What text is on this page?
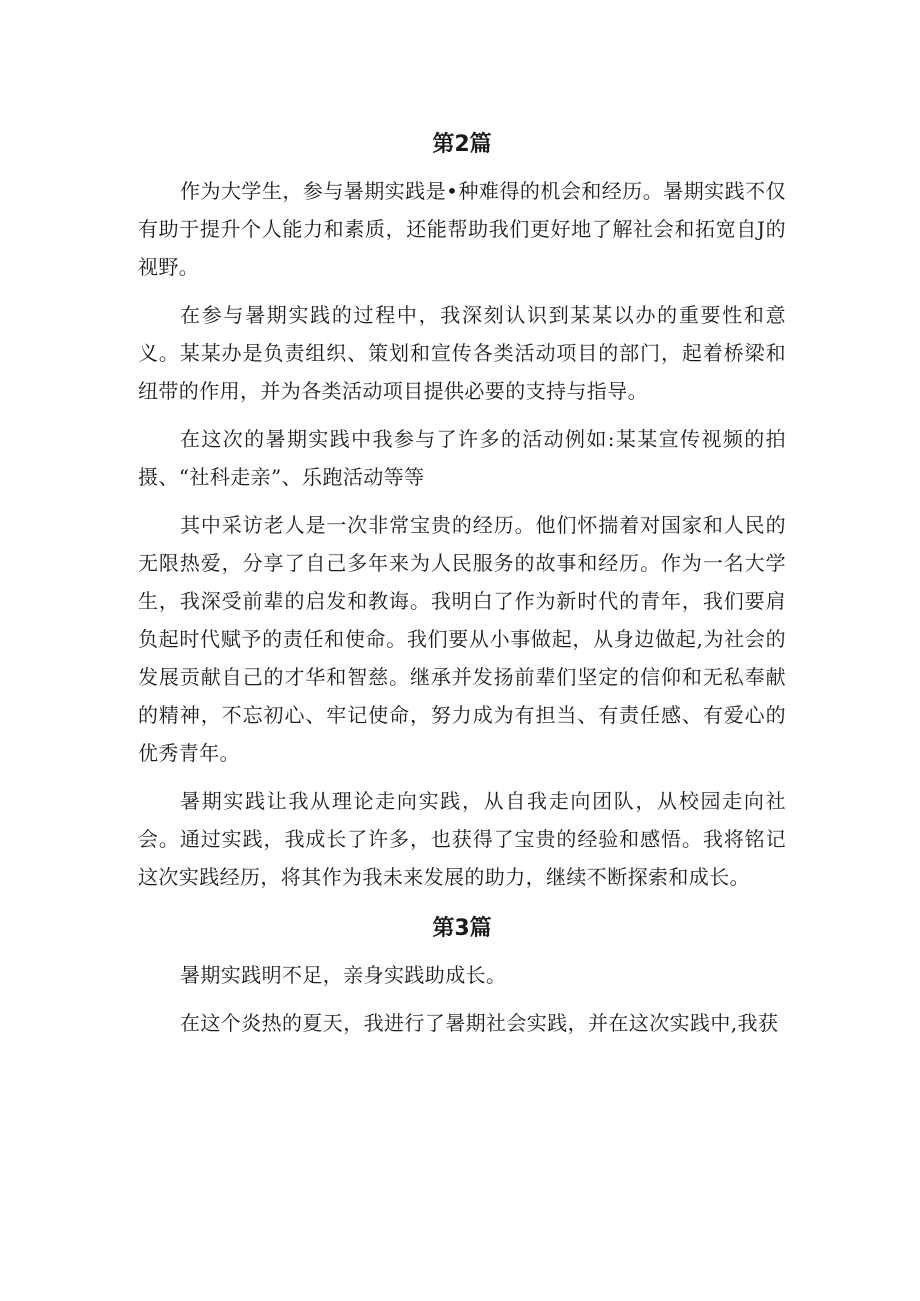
第2篇

作为大学生，参与暑期实践是•种难得的机会和经历。暑期实践不仅有助于提升个人能力和素质，还能帮助我们更好地了解社会和拓宽自J的视野。

在参与暑期实践的过程中，我深刻认识到某某以办的重要性和意义。某某办是负责组织、策划和宣传各类活动项目的部门，起着桥梁和纽带的作用，并为各类活动项目提供必要的支持与指导。

在这次的暑期实践中我参与了许多的活动例如:某某宣传视频的拍摄、“社科走亲”、乐跑活动等等

其中采访老人是一次非常宝贵的经历。他们怀揣着对国家和人民的无限热爱，分享了自己多年来为人民服务的故事和经历。作为一名大学生，我深受前辈的启发和教诲。我明白了作为新时代的青年，我们要肩负起时代赋予的责任和使命。我们要从小事做起，从身边做起,为社会的发展贡献自己的才华和智慈。继承并发扬前辈们坚定的信仰和无私奉献的精神，不忘初心、牢记使命，努力成为有担当、有责任感、有爱心的优秀青年。

暑期实践让我从理论走向实践，从自我走向团队，从校园走向社会。通过实践，我成长了许多，也获得了宝贵的经验和感悟。我将铭记这次实践经历，将其作为我未来发展的助力，继续不断探索和成长。

第3篇

暑期实践明不足，亲身实践助成长。

在这个炎热的夏天，我进行了暑期社会实践，并在这次实践中,我获
